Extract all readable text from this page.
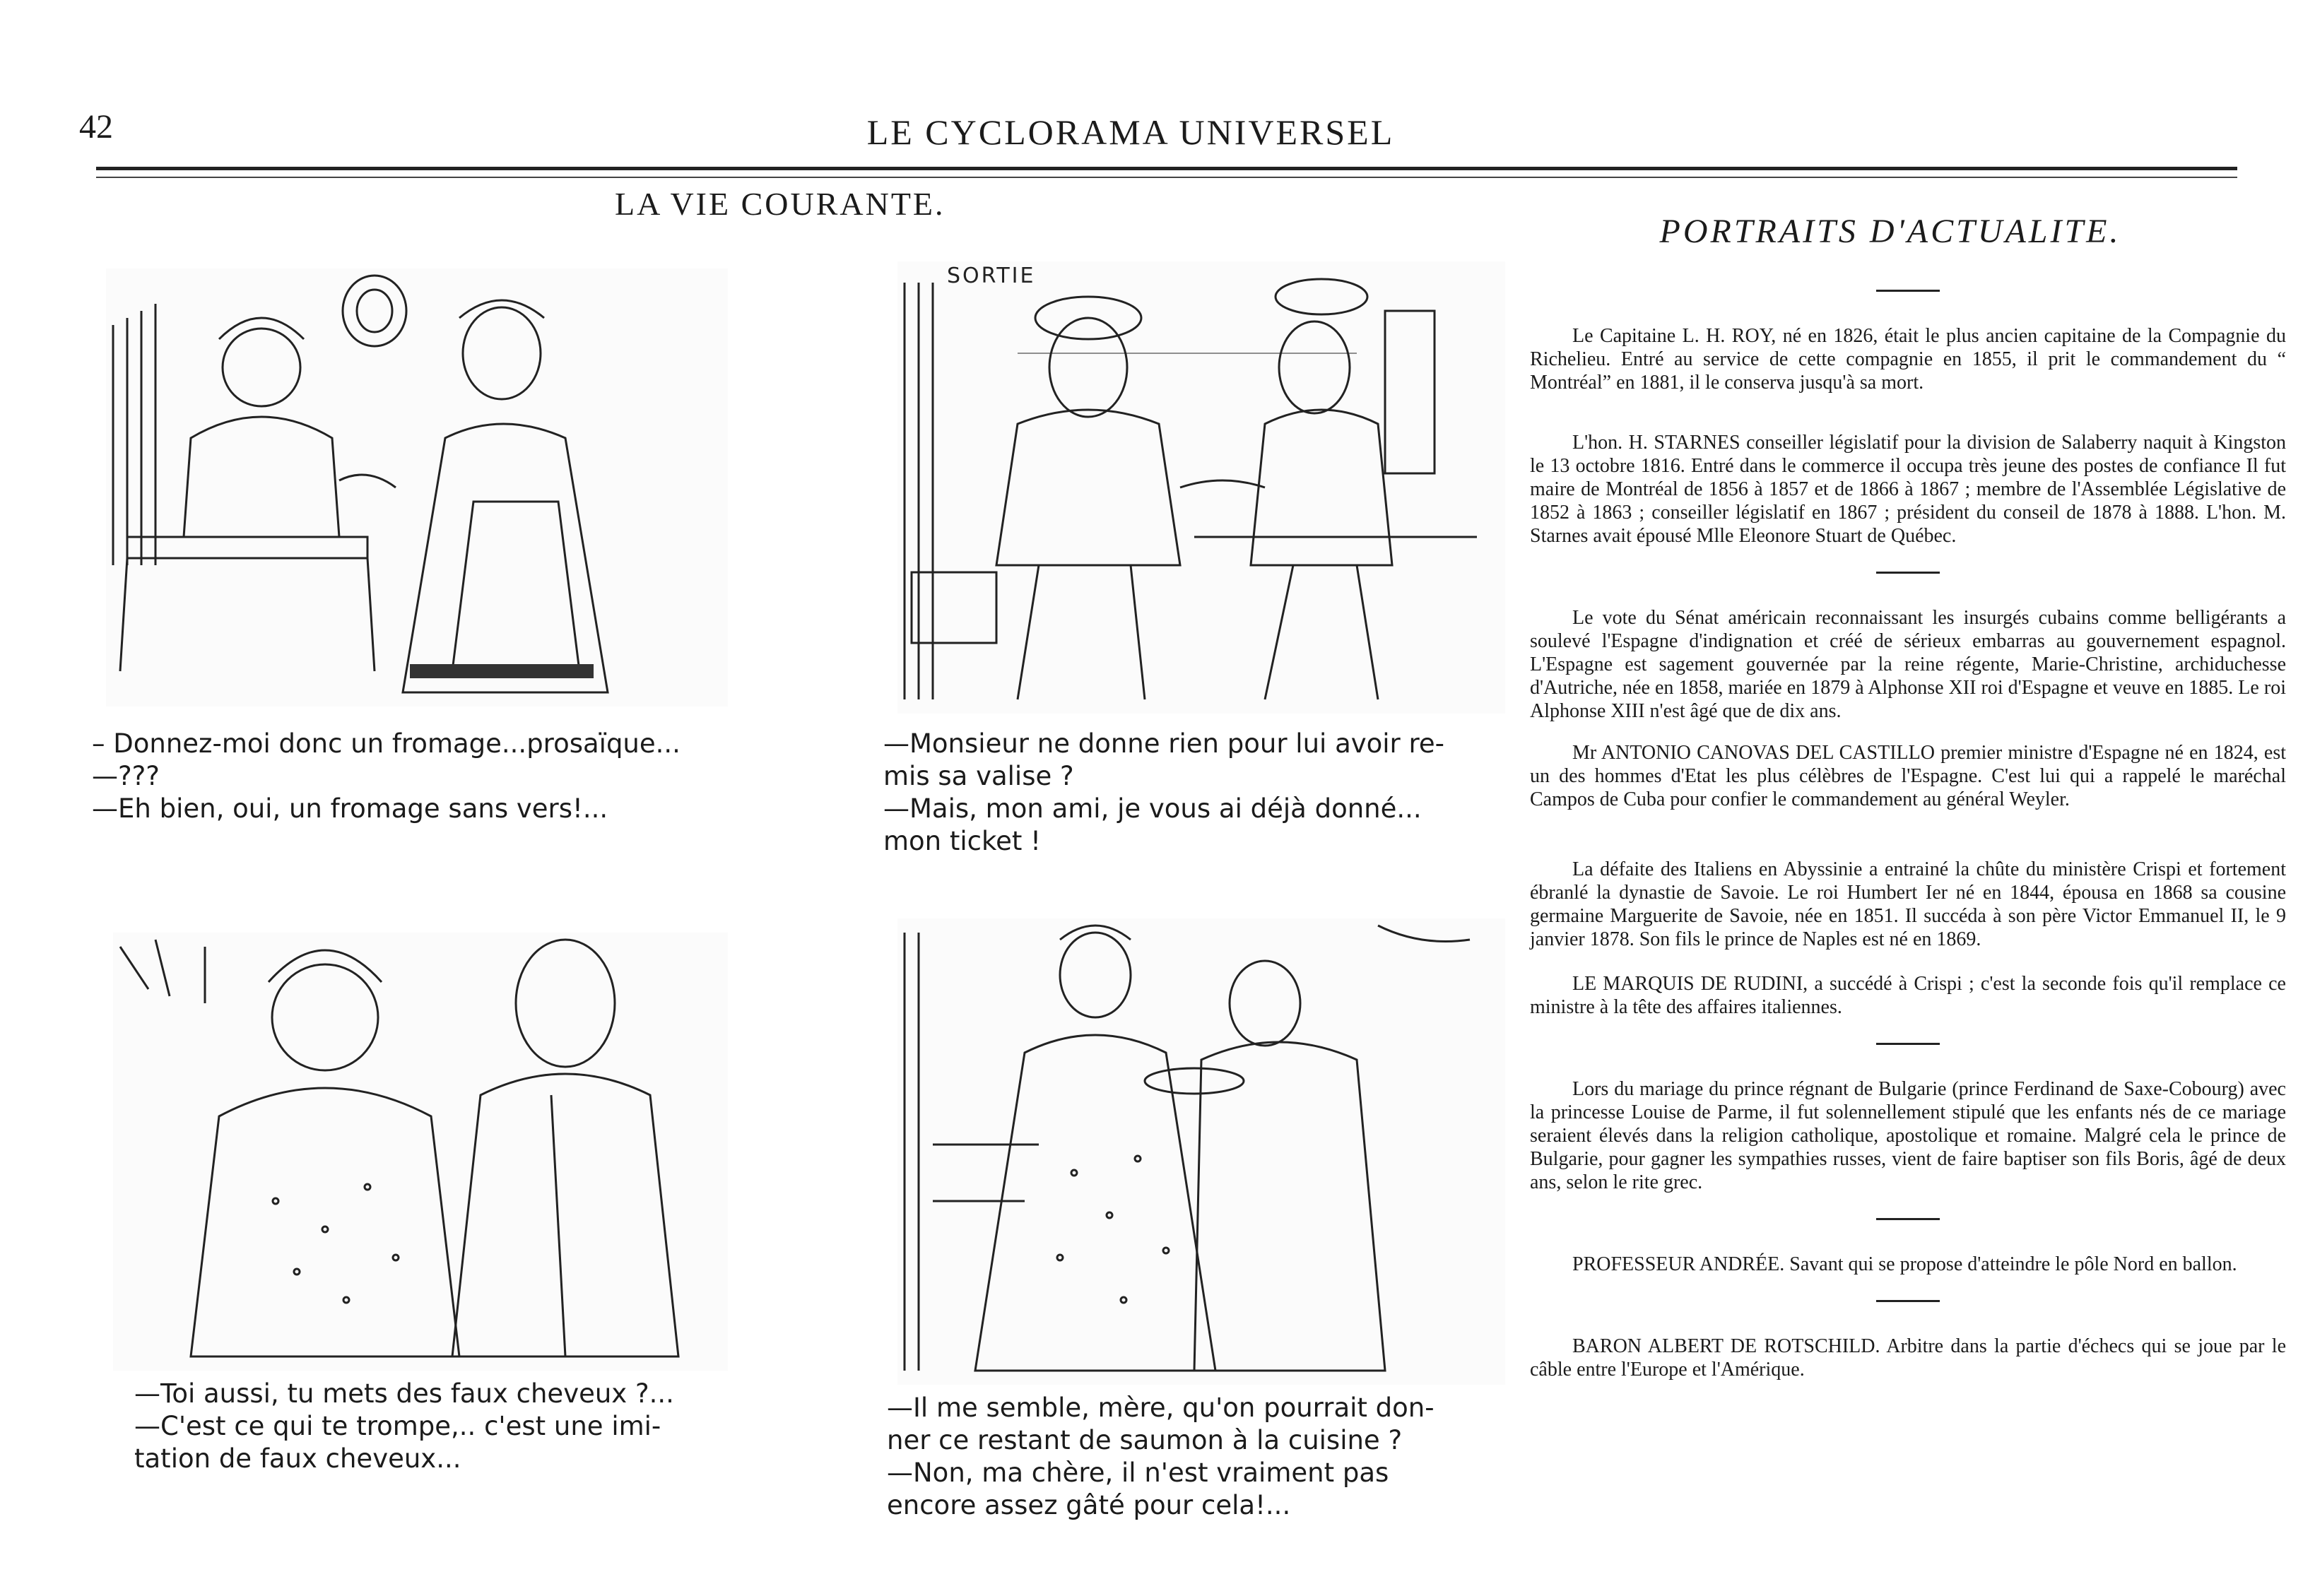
42	LE CYCLORAMA UNIVERSEL
LA VIE COURANTE.
SORTIE

– Donnez-moi donc un fromage...prosaïque...

—???

—Eh bien, oui, un fromage sans vers!...

—Monsieur ne donne rien pour lui avoir re-

mis sa valise ?

—Mais, mon ami, je vous ai déjà donné...

mon ticket !

—Toi aussi, tu mets des faux cheveux ?...

—C'est ce qui te trompe,.. c'est une imi-

tation de faux cheveux...

—Il me semble, mère, qu'on pourrait don-

ner ce restant de saumon à la cuisine ?

—Non, ma chère, il n'est vraiment pas

encore assez gâté pour cela!...

PORTRAITS D'ACTUALITE.

Le Capitaine L. H. ROY, né en 1826, était le plus ancien capitaine de la Compagnie du Richelieu. Entré au service de cette compagnie en 1855, il prit le commandement du “ Montréal” en 1881, il le conserva jusqu'à sa mort.

L'hon. H. STARNES conseiller législatif pour la division de Salaberry naquit à Kingston le 13 octobre 1816. Entré dans le commerce il occupa très jeune des postes de confiance Il fut maire de Montréal de 1856 à 1857 et de 1866 à 1867 ; membre de l'Assemblée Législative de 1852 à 1863 ; conseiller législatif en 1867 ; président du conseil de 1878 à 1888. L'hon. M. Starnes avait épousé Mlle Eleonore Stuart de Québec.

Le vote du Sénat américain reconnaissant les insurgés cubains comme belligérants a soulevé l'Espagne d'indignation et créé de sérieux embarras au gouvernement espagnol. L'Espagne est sagement gouvernée par la reine régente, Marie-Christine, archiduchesse d'Autriche, née en 1858, mariée en 1879 à Alphonse XII roi d'Espagne et veuve en 1885. Le roi Alphonse XIII n'est âgé que de dix ans.

Mr ANTONIO CANOVAS DEL CASTILLO premier ministre d'Espagne né en 1824, est un des hommes d'Etat les plus célèbres de l'Espagne. C'est lui qui a rappelé le maréchal Campos de Cuba pour confier le commandement au général Weyler.

La défaite des Italiens en Abyssinie a entrainé la chûte du ministère Crispi et fortement ébranlé la dynastie de Savoie. Le roi Humbert Ier né en 1844, épousa en 1868 sa cousine germaine Marguerite de Savoie, née en 1851. Il succéda à son père Victor Emmanuel II, le 9 janvier 1878. Son fils le prince de Naples est né en 1869.

LE MARQUIS DE RUDINI, a succédé à Crispi ; c'est la seconde fois qu'il remplace ce ministre à la tête des affaires italiennes.

Lors du mariage du prince régnant de Bulgarie (prince Ferdinand de Saxe-Cobourg) avec la princesse Louise de Parme, il fut solennellement stipulé que les enfants nés de ce mariage seraient élevés dans la religion catholique, apostolique et romaine. Malgré cela le prince de Bulgarie, pour gagner les sympathies russes, vient de faire baptiser son fils Boris, âgé de deux ans, selon le rite grec.

PROFESSEUR ANDRÉE. Savant qui se propose d'atteindre le pôle Nord en ballon.

BARON ALBERT DE ROTSCHILD. Arbitre dans la partie d'échecs qui se joue par le câble entre l'Europe et l'Amérique.
